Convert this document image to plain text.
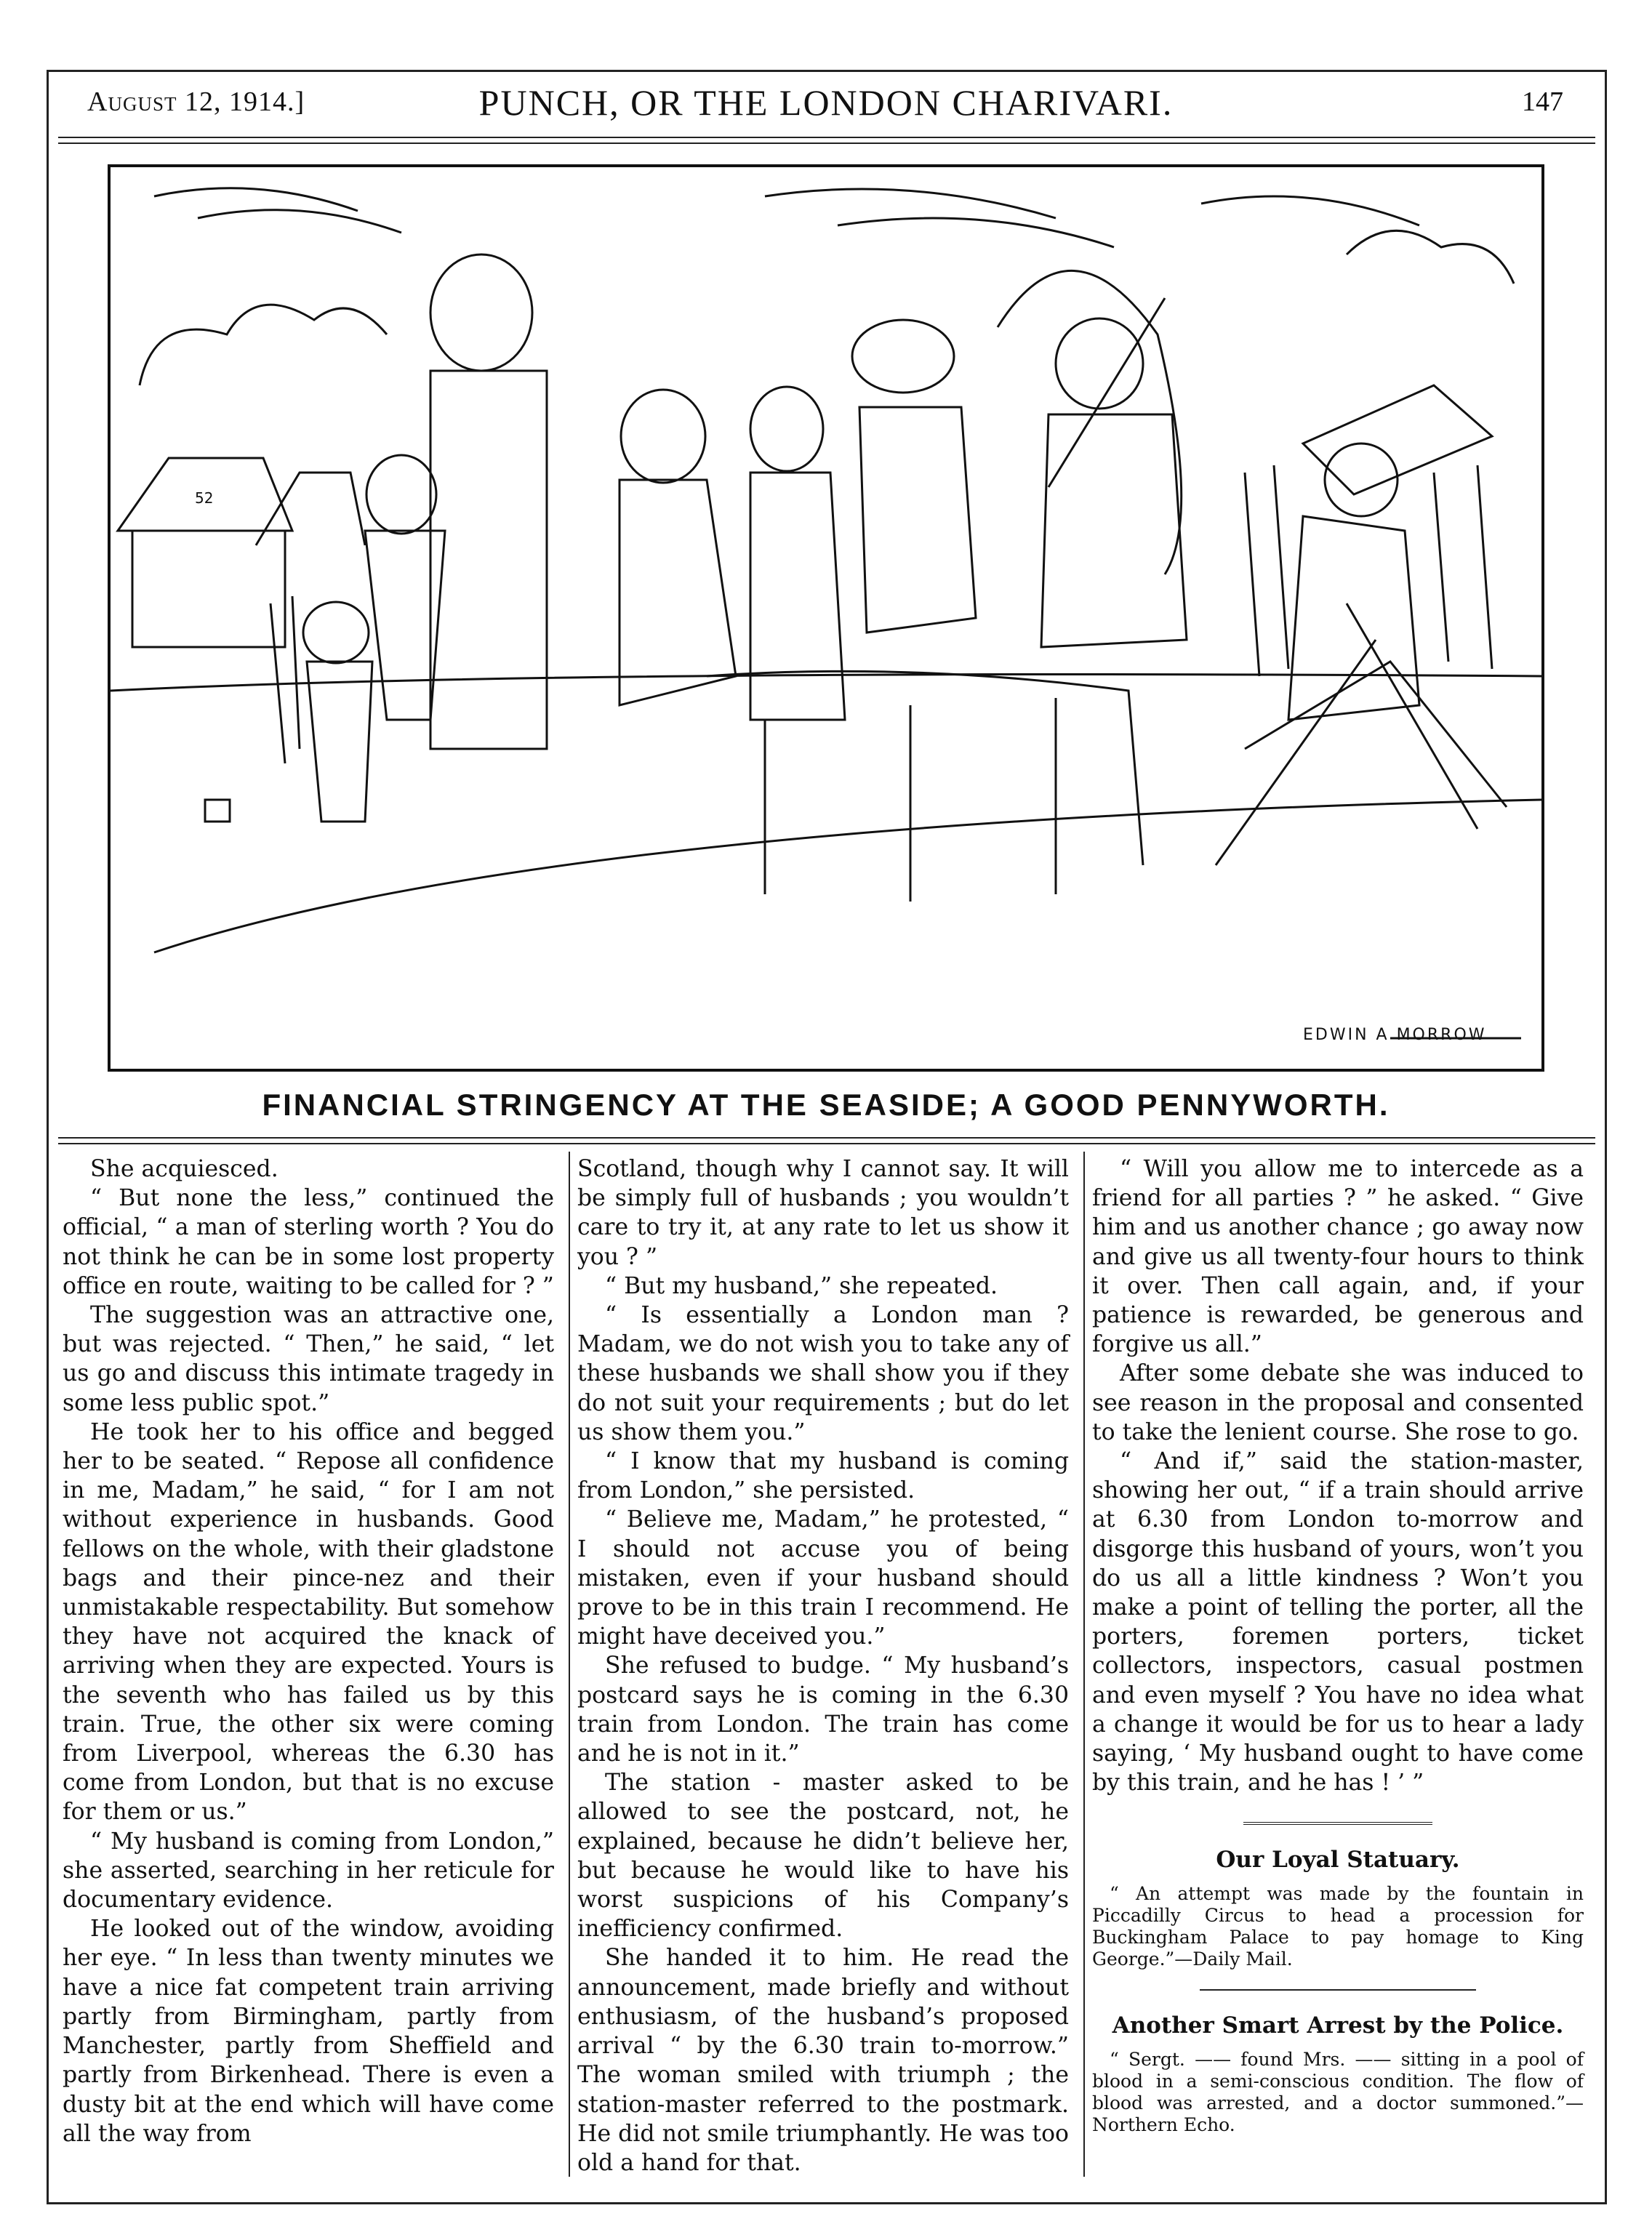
August 12, 1914.]	PUNCH, OR THE LONDON CHARIVARI.	147
EDWIN A MORROW
52
FINANCIAL STRINGENCY AT THE SEASIDE; A GOOD PENNYWORTH.

She acquiesced.

“ But none the less,” continued the official, “ a man of sterling worth ? You do not think he can be in some lost property office en route, waiting to be called for ? ”

The suggestion was an attractive one, but was rejected. “ Then,” he said, “ let us go and discuss this intimate tragedy in some less public spot.”

He took her to his office and begged her to be seated. “ Repose all confidence in me, Madam,” he said, “ for I am not without experience in husbands. Good fellows on the whole, with their gladstone bags and their pince-nez and their unmistakable respectability. But somehow they have not acquired the knack of arriving when they are expected. Yours is the seventh who has failed us by this train. True, the other six were coming from Liverpool, whereas the 6.30 has come from London, but that is no excuse for them or us.”

“ My husband is coming from London,” she asserted, searching in her reticule for documentary evidence.

He looked out of the window, avoiding her eye. “ In less than twenty minutes we have a nice fat competent train arriving partly from Birmingham, partly from Manchester, partly from Sheffield and partly from Birkenhead. There is even a dusty bit at the end which will have come all the way from

Scotland, though why I cannot say. It will be simply full of husbands ; you wouldn’t care to try it, at any rate to let us show it you ? ”

“ But my husband,” she repeated.

“ Is essentially a London man ? Madam, we do not wish you to take any of these husbands we shall show you if they do not suit your requirements ; but do let us show them you.”

“ I know that my husband is coming from London,” she persisted.

“ Believe me, Madam,” he protested, “ I should not accuse you of being mistaken, even if your husband should prove to be in this train I recommend. He might have deceived you.”

She refused to budge. “ My husband’s postcard says he is coming in the 6.30 train from London. The train has come and he is not in it.”

The station - master asked to be allowed to see the postcard, not, he explained, because he didn’t believe her, but because he would like to have his worst suspicions of his Company’s inefficiency confirmed.

She handed it to him. He read the announcement, made briefly and without enthusiasm, of the husband’s proposed arrival “ by the 6.30 train to-morrow.” The woman smiled with triumph ; the station-master referred to the postmark. He did not smile triumphantly. He was too old a hand for that.

“ Will you allow me to intercede as a friend for all parties ? ” he asked. “ Give him and us another chance ; go away now and give us all twenty-four hours to think it over. Then call again, and, if your patience is rewarded, be generous and forgive us all.”

After some debate she was induced to see reason in the proposal and consented to take the lenient course. She rose to go.

“ And if,” said the station-master, showing her out, “ if a train should arrive at 6.30 from London to-morrow and disgorge this husband of yours, won’t you do us all a little kindness ? Won’t you make a point of telling the porter, all the porters, foremen porters, ticket collectors, inspectors, casual postmen and even myself ? You have no idea what a change it would be for us to hear a lady saying, ‘ My husband ought to have come by this train, and he has ! ’ ”

Our Loyal Statuary.

“ An attempt was made by the fountain in Piccadilly Circus to head a procession for Buckingham Palace to pay homage to King George.”—Daily Mail.

Another Smart Arrest by the Police.

“ Sergt. —— found Mrs. —— sitting in a pool of blood in a semi-conscious condition. The flow of blood was arrested, and a doctor summoned.”—Northern Echo.
